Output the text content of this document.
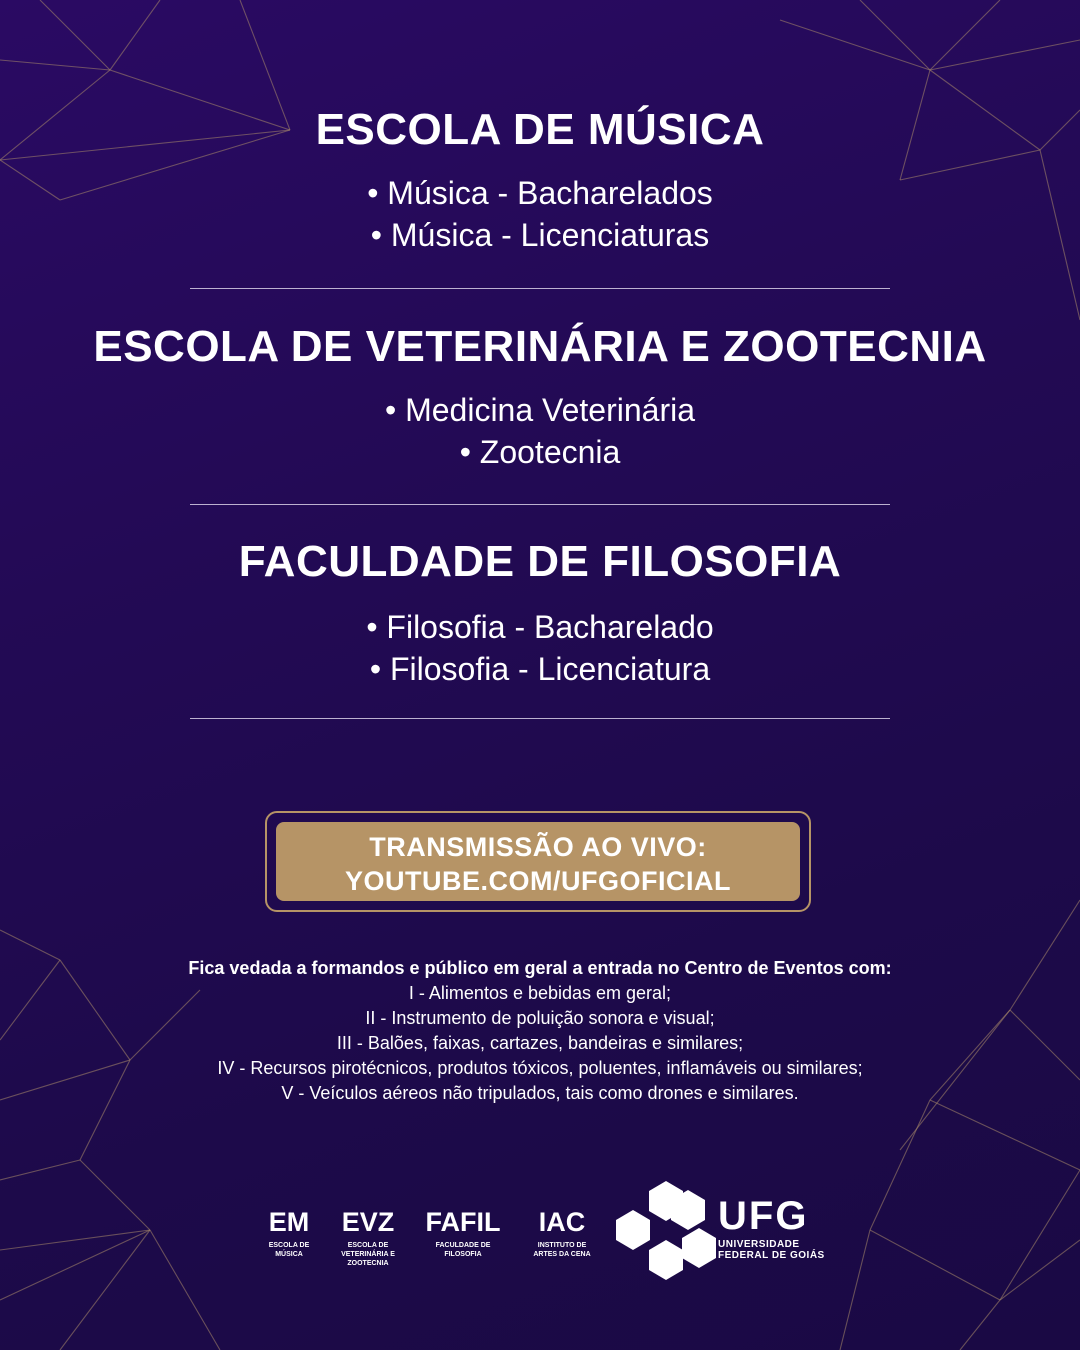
ESCOLA DE MÚSICA

• Música - Bacharelados

• Música - Licenciaturas

ESCOLA DE VETERINÁRIA E ZOOTECNIA

• Medicina Veterinária

• Zootecnia

FACULDADE DE FILOSOFIA

• Filosofia - Bacharelado

• Filosofia - Licenciatura

TRANSMISSÃO AO VIVO:
YOUTUBE.COM/UFGOFICIAL

Fica vedada a formandos e público em geral a entrada no Centro de Eventos com:

I - Alimentos e bebidas em geral;

II - Instrumento de poluição sonora e visual;

III - Balões, faixas, cartazes, bandeiras e similares;

IV - Recursos pirotécnicos, produtos tóxicos, poluentes, inflamáveis ou similares;

V - Veículos aéreos não tripulados, tais como drones e similares.

EM
ESCOLA DE
MÚSICA
EVZ
ESCOLA DE
VETERINÁRIA E
ZOOTECNIA
FAFIL
FACULDADE DE
FILOSOFIA
IAC
INSTITUTO DE
ARTES DA CENA
UFG
UNIVERSIDADE
FEDERAL DE GOIÁS
